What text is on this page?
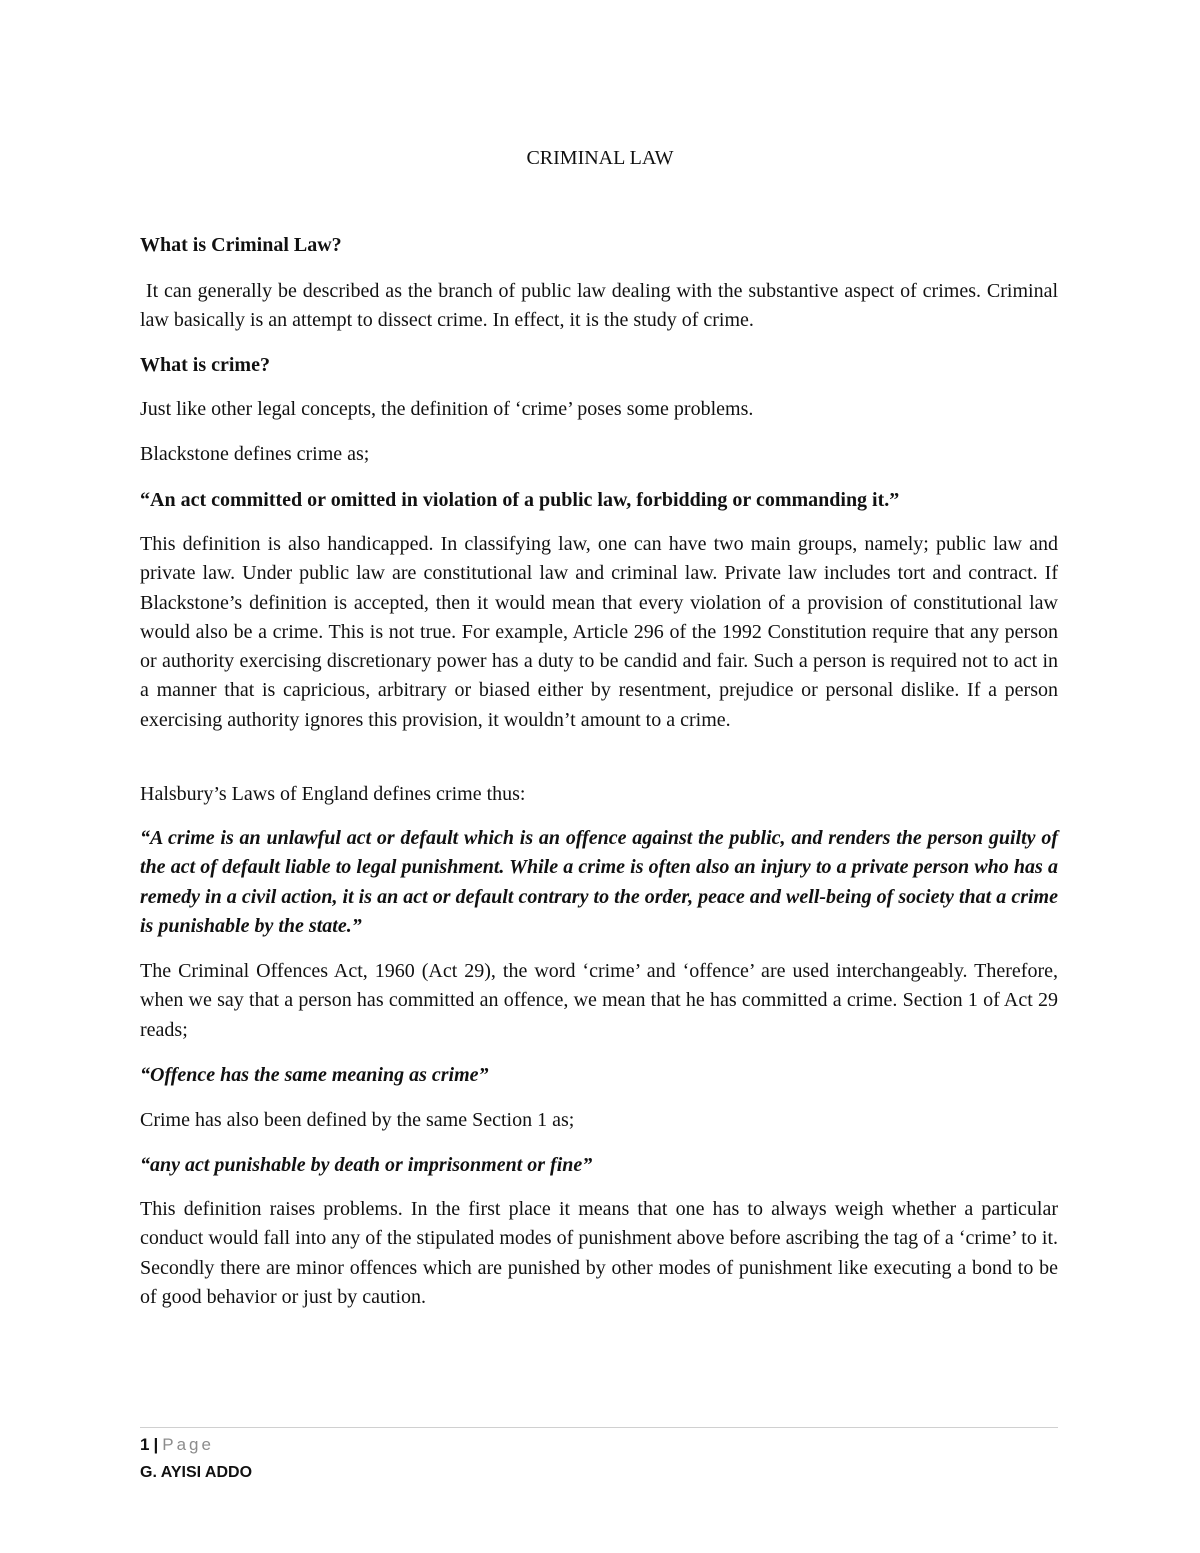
CRIMINAL LAW
What is Criminal Law?
It can generally be described as the branch of public law dealing with the substantive aspect of crimes. Criminal law basically is an attempt to dissect crime. In effect, it is the study of crime.
What is crime?
Just like other legal concepts, the definition of ‘crime’ poses some problems.
Blackstone defines crime as;
“An act committed or omitted in violation of a public law, forbidding or commanding it.”
This definition is also handicapped. In classifying law, one can have two main groups, namely; public law and private law. Under public law are constitutional law and criminal law. Private law includes tort and contract. If Blackstone’s definition is accepted, then it would mean that every violation of a provision of constitutional law would also be a crime. This is not true. For example, Article 296 of the 1992 Constitution require that any person or authority exercising discretionary power has a duty to be candid and fair. Such a person is required not to act in a manner that is capricious, arbitrary or biased either by resentment, prejudice or personal dislike. If a person exercising authority ignores this provision, it wouldn’t amount to a crime.
Halsbury’s Laws of England defines crime thus:
“A crime is an unlawful act or default which is an offence against the public, and renders the person guilty of the act of default liable to legal punishment. While a crime is often also an injury to a private person who has a remedy in a civil action, it is an act or default contrary to the order, peace and well-being of society that a crime is punishable by the state.”
The Criminal Offences Act, 1960 (Act 29), the word ‘crime’ and ‘offence’ are used interchangeably. Therefore, when we say that a person has committed an offence, we mean that he has committed a crime. Section 1 of Act 29 reads;
“Offence has the same meaning as crime”
Crime has also been defined by the same Section 1 as;
“any act punishable by death or imprisonment or fine”
This definition raises problems. In the first place it means that one has to always weigh whether a particular conduct would fall into any of the stipulated modes of punishment above before ascribing the tag of a ‘crime’ to it. Secondly there are minor offences which are punished by other modes of punishment like executing a bond to be of good behavior or just by caution.
1 | Page
G. AYISI ADDO
